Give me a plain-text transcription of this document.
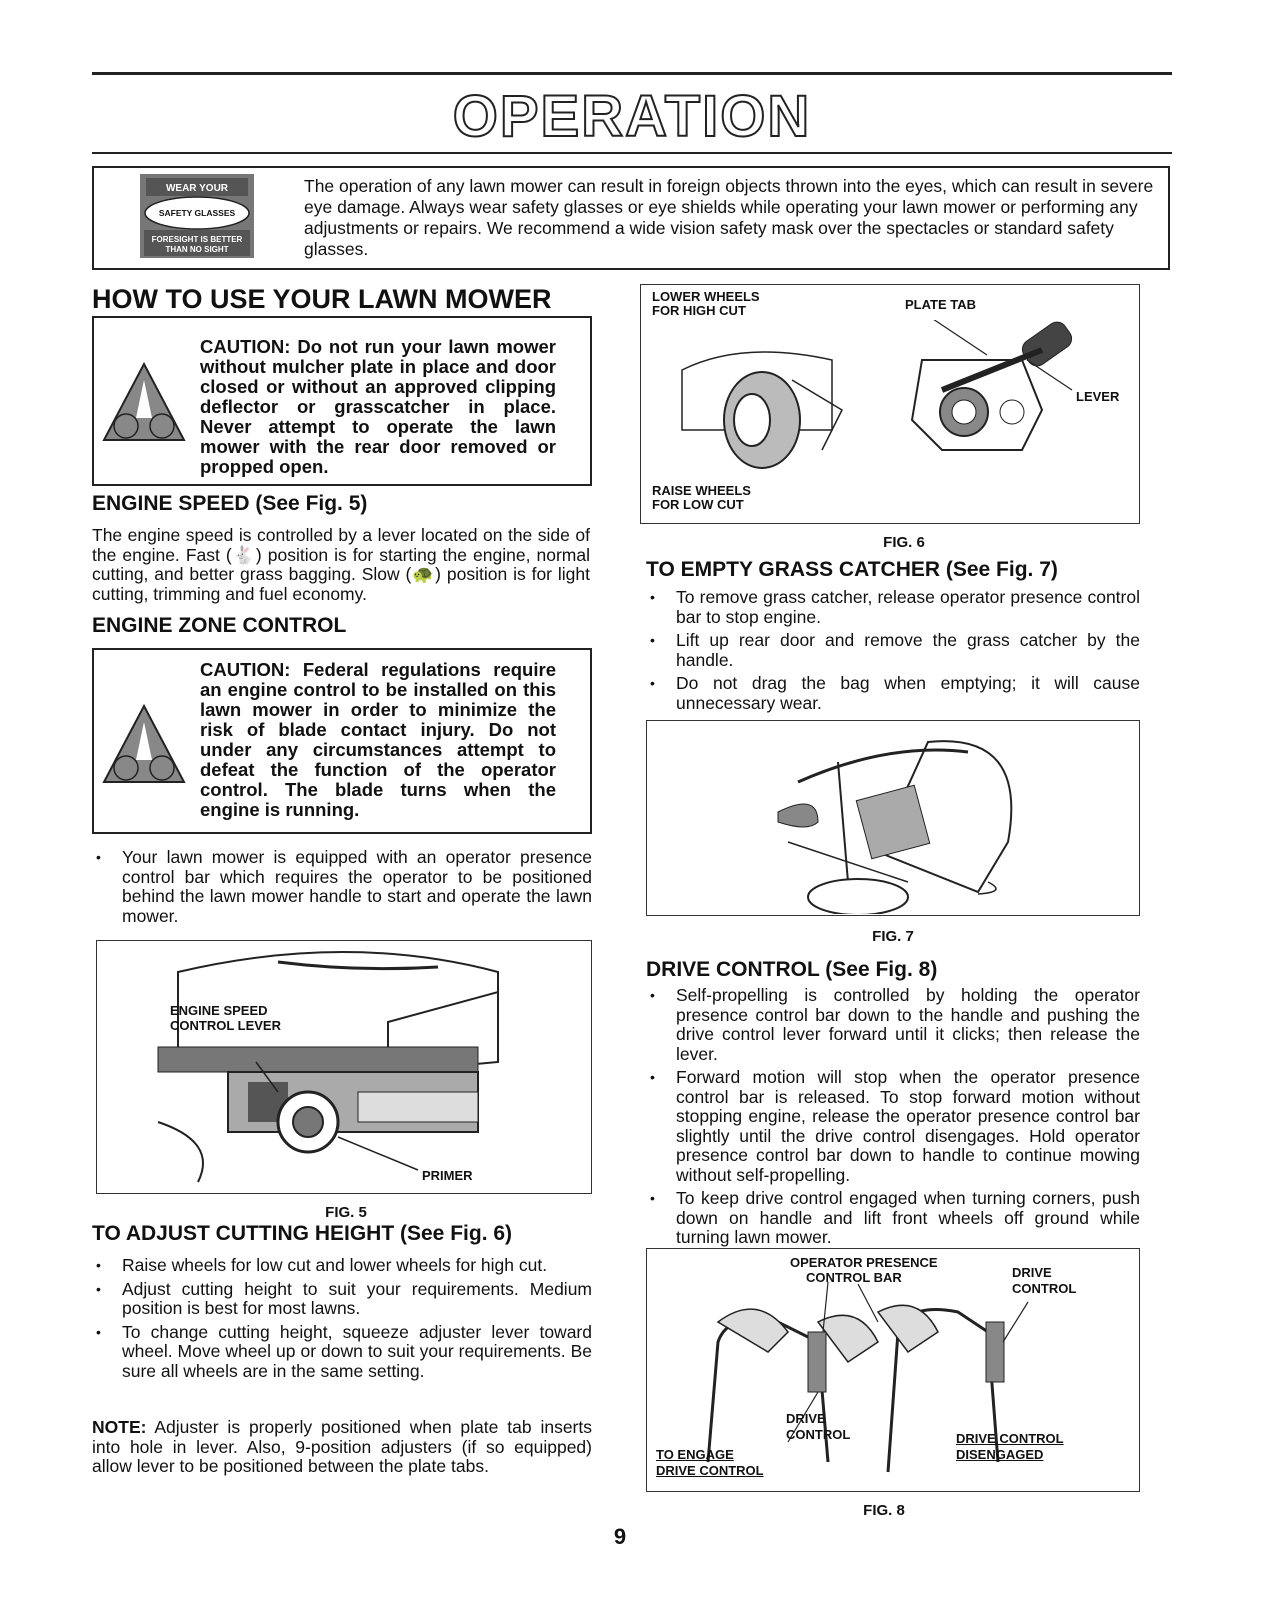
OPERATION
WEAR YOUR
SAFETY GLASSES
FORESIGHT IS BETTER
THAN NO SIGHT
The operation of any lawn mower can result in foreign objects thrown into the eyes, which can result in severe eye damage. Always wear safety glasses or eye shields while operating your lawn mower or performing any adjustments or repairs. We recommend a wide vision safety mask over the spectacles or standard safety glasses.
HOW TO USE YOUR LAWN MOWER
CAUTION: Do not run your lawn mower without mulcher plate in place and door closed or without an approved clipping deflector or grasscatcher in place. Never attempt to operate the lawn mower with the rear door removed or propped open.
ENGINE SPEED (See Fig. 5)
The engine speed is controlled by a lever located on the side of the engine. Fast (🐇) position is for starting the engine, normal cutting, and better grass bagging. Slow (🐢) position is for light cutting, trimming and fuel economy.
ENGINE ZONE CONTROL
CAUTION: Federal regulations require an engine control to be installed on this lawn mower in order to minimize the risk of blade contact injury. Do not under any circumstances attempt to defeat the function of the operator control. The blade turns when the engine is running.
• Your lawn mower is equipped with an operator presence control bar which requires the operator to be positioned behind the lawn mower handle to start and operate the lawn mower.
ENGINE SPEED
CONTROL LEVER
PRIMER
FIG. 5
TO ADJUST CUTTING HEIGHT (See Fig. 6)
• Raise wheels for low cut and lower wheels for high cut.
• Adjust cutting height to suit your requirements. Medium position is best for most lawns.
• To change cutting height, squeeze adjuster lever toward wheel. Move wheel up or down to suit your requirements. Be sure all wheels are in the same setting.
NOTE: Adjuster is properly positioned when plate tab inserts into hole in lever. Also, 9-position adjusters (if so equipped) allow lever to be positioned between the plate tabs.
LOWER WHEELS
FOR HIGH CUT	PLATE TAB
LEVER
RAISE WHEELS
FOR LOW CUT
FIG. 6
TO EMPTY GRASS CATCHER (See Fig. 7)
• To remove grass catcher, release operator presence control bar to stop engine.
• Lift up rear door and remove the grass catcher by the handle.
• Do not drag the bag when emptying; it will cause unnecessary wear.
FIG. 7
DRIVE CONTROL (See Fig. 8)
• Self-propelling is controlled by holding the operator presence control bar down to the handle and pushing the drive control lever forward until it clicks; then release the lever.
• Forward motion will stop when the operator presence control bar is released. To stop forward motion without stopping engine, release the operator presence control bar slightly until the drive control disengages. Hold operator presence control bar down to handle to continue mowing without self-propelling.
• To keep drive control engaged when turning corners, push down on handle and lift front wheels off ground while turning lawn mower.
OPERATOR PRESENCE
CONTROL BAR	DRIVE
CONTROL
DRIVE
CONTROL
TO ENGAGE
DRIVE CONTROL
DRIVE CONTROL
DISENGAGED
FIG. 8
9
